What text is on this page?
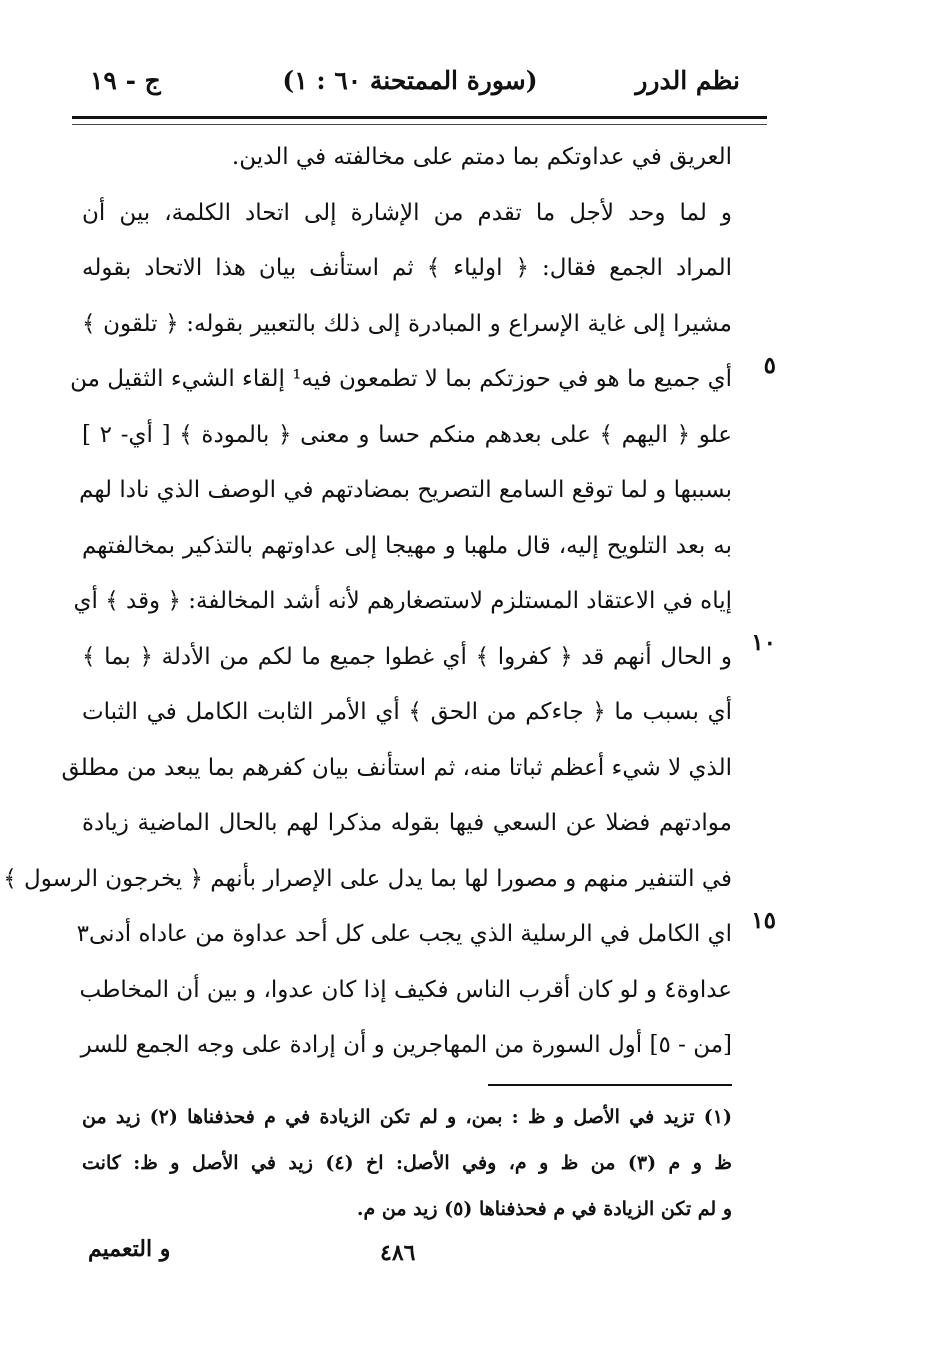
نظم الدرر
(سورة الممتحنة ٦٠ : ١)
ج - ١٩
٥
١٠
١٥
العريق في عداوتكم بما دمتم على مخالفته في الدين.
و لما وحد لأجل ما تقدم من الإشارة إلى اتحاد الكلمة، بين أن
المراد الجمع فقال: ﴿ اولياء ﴾ ثم استأنف بيان هذا الاتحاد بقوله
مشيرا إلى غاية الإسراع و المبادرة إلى ذلك بالتعبير بقوله: ﴿ تلقون ﴾
أي جميع ما هو في حوزتكم بما لا تطمعون فيه¹ إلقاء الشيء الثقيل من
علو ﴿ اليهم ﴾ على بعدهم منكم حسا و معنى ﴿ بالمودة ﴾ [ أي- ٢ ]
بسببها و لما توقع السامع التصريح بمضادتهم في الوصف الذي نادا لهم
به بعد التلويح إليه، قال ملهبا و مهيجا إلى عداوتهم بالتذكير بمخالفتهم
إياه في الاعتقاد المستلزم لاستصغارهم لأنه أشد المخالفة: ﴿ وقد ﴾ أي
و الحال أنهم قد ﴿ كفروا ﴾ أي غطوا جميع ما لكم من الأدلة ﴿ بما ﴾
أي بسبب ما ﴿ جاءكم من الحق ﴾ أي الأمر الثابت الكامل في الثبات
الذي لا شيء أعظم ثباتا منه، ثم استأنف بيان كفرهم بما يبعد من مطلق
موادتهم فضلا عن السعي فيها بقوله مذكرا لهم بالحال الماضية زيادة
في التنفير منهم و مصورا لها بما يدل على الإصرار بأنهم ﴿ يخرجون الرسول ﴾
اي الكامل في الرسلية الذي يجب على كل أحد عداوة من عاداه أدنى٣
عداوة٤ و لو كان أقرب الناس فكيف إذا كان عدوا، و بين أن المخاطب
[من - ٥] أول السورة من المهاجرين و أن إرادة على وجه الجمع للسر
(١) تزيد في الأصل و ظ : بمن، و لم تكن الزيادة في م فحذفناها (٢) زيد من
ظ و م (٣) من ظ و م، وفي الأصل: اخ (٤) زيد في الأصل و ظ: كانت
و لم تكن الزيادة في م فحذفناها (٥) زيد من م.
٤٨٦
و التعميم
